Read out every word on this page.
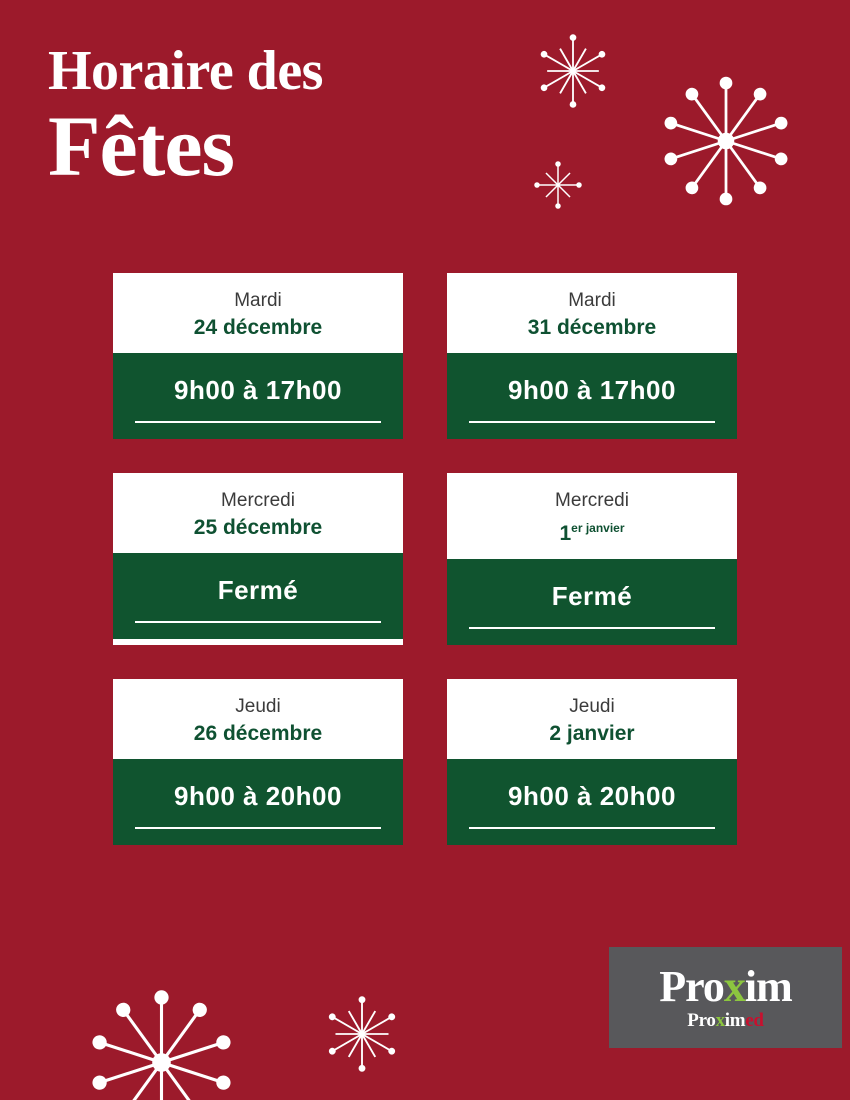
Horaire des
Fêtes
Mardi
24 décembre
9h00 à 17h00
Mardi
31 décembre
9h00 à 17h00
Mercredi
25 décembre
Fermé
Mercredi
$1^{er janvier}$
Fermé
Jeudi
26 décembre
9h00 à 20h00
Jeudi
2 janvier
9h00 à 20h00
Proxim
Proximed
